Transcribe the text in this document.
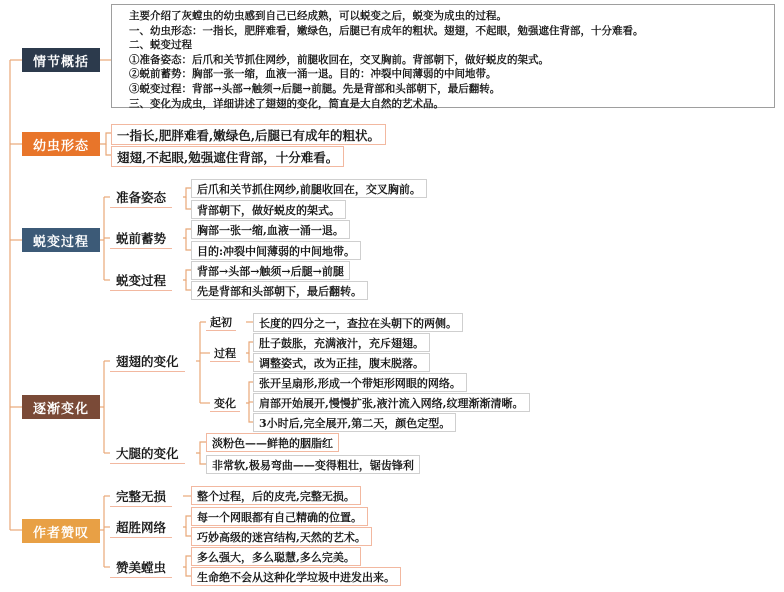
情节概括
幼虫形态
蜕变过程
逐渐变化
作者赞叹
主要介绍了灰螳虫的幼虫感到自己已经成熟，可以蜕变之后，蜕变为成虫的过程。
一、幼虫形态：一指长，肥胖难看，嫩绿色，后腿已有成年的粗状。翅翅，不起眼，勉强遮住背部，十分难看。
二、蜕变过程
①准备姿态：后爪和关节抓住网纱，前腿收回在，交叉胸前。背部朝下，做好蜕皮的架式。
②蜕前蓄势：胸部一张一缩，血液一涌一退。目的：冲裂中间薄弱的中间地带。
③蜕变过程：背部→头部→触须→后腿→前腿。先是背部和头部朝下，最后翻转。
三、变化为成虫，详细讲述了翅翅的变化，简直是大自然的艺术品。
一指长,肥胖难看,嫩绿色,后腿已有成年的粗状。
翅翅,不起眼,勉强遮住背部，十分难看。
准备姿态
后爪和关节抓住网纱,前腿收回在，交叉胸前。
背部朝下，做好蜕皮的架式。
蜕前蓄势
胸部一张一缩,血液一涌一退。
目的:冲裂中间薄弱的中间地带。
蜕变过程
背部→头部→触须→后腿→前腿
先是背部和头部朝下，最后翻转。
翅翅的变化
起初	长度的四分之一，查拉在头朝下的两侧。
过程
肚子鼓胀，充满液汁，充斥翅翅。
调整姿式，改为正挂，腹末脱落。
变化
张开呈扇形,形成一个带矩形网眼的网络。
肩部开始展开,慢慢扩张,液汁流入网络,纹理渐渐清晰。
3小时后,完全展开,第二天，颜色定型。
大腿的变化
淡粉色——鲜艳的胭脂红
非常软,极易弯曲——变得粗壮，锯齿锋利
完整无损	整个过程，后的皮壳,完整无损。
超胜网络
每一个网眼都有自己精确的位置。
巧妙高级的迷宫结构,天然的艺术。
赞美螳虫
多么强大，多么聪慧,多么完美。
生命绝不会从这种化学垃圾中进发出来。
